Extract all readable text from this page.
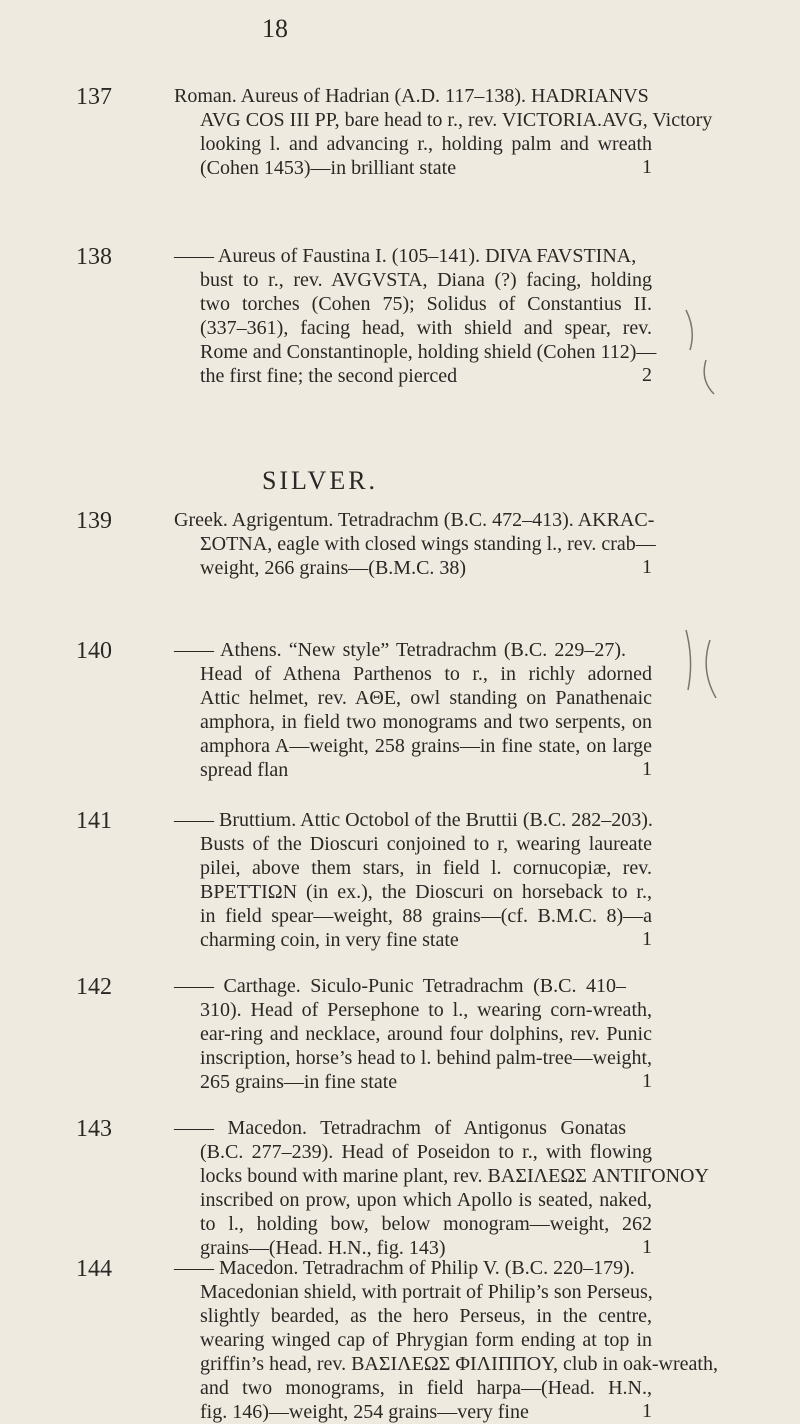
18
SILVER.
137	Roman. Aureus of Hadrian (A.D. 117–138). HADRIANVS
AVG COS III PP, bare head to r., rev. VICTORIA.AVG, Victory
looking l. and advancing r., holding palm and wreath
(Cohen 1453)—in brilliant state	1
138	—— Aureus of Faustina I. (105–141). DIVA FAVSTINA,
bust to r., rev. AVGVSTA, Diana (?) facing, holding
two torches (Cohen 75); Solidus of Constantius II.
(337–361), facing head, with shield and spear, rev.
Rome and Constantinople, holding shield (Cohen 112)—
the first fine; the second pierced	2
139	Greek. Agrigentum. Tetradrachm (B.C. 472–413). AKRAC-
ΣOTNA, eagle with closed wings standing l., rev. crab—
weight, 266 grains—(B.M.C. 38)	1
140	—— Athens. “New style” Tetradrachm (B.C. 229–27).
Head of Athena Parthenos to r., in richly adorned
Attic helmet, rev. AΘE, owl standing on Panathenaic
amphora, in field two monograms and two serpents, on
amphora A—weight, 258 grains—in fine state, on large
spread flan	1
141	—— Bruttium. Attic Octobol of the Bruttii (B.C. 282–203).
Busts of the Dioscuri conjoined to r, wearing laureate
pilei, above them stars, in field l. cornucopiæ, rev.
BPETTIΩN (in ex.), the Dioscuri on horseback to r.,
in field spear—weight, 88 grains—(cf. B.M.C. 8)—a
charming coin, in very fine state	1
142	—— Carthage. Siculo-Punic Tetradrachm (B.C. 410–
310). Head of Persephone to l., wearing corn-wreath,
ear-ring and necklace, around four dolphins, rev. Punic
inscription, horse’s head to l. behind palm-tree—weight,
265 grains—in fine state	1
143	—— Macedon. Tetradrachm of Antigonus Gonatas
(B.C. 277–239). Head of Poseidon to r., with flowing
locks bound with marine plant, rev. BAΣIΛEΩΣ ANTIΓONOY
inscribed on prow, upon which Apollo is seated, naked,
to l., holding bow, below monogram—weight, 262
grains—(Head. H.N., fig. 143)	1
144	—— Macedon. Tetradrachm of Philip V. (B.C. 220–179).
Macedonian shield, with portrait of Philip’s son Perseus,
slightly bearded, as the hero Perseus, in the centre,
wearing winged cap of Phrygian form ending at top in
griffin’s head, rev. BAΣIΛEΩΣ ΦIΛIΠΠOY, club in oak-wreath,
and two monograms, in field harpa—(Head. H.N.,
fig. 146)—weight, 254 grains—very fine	1
